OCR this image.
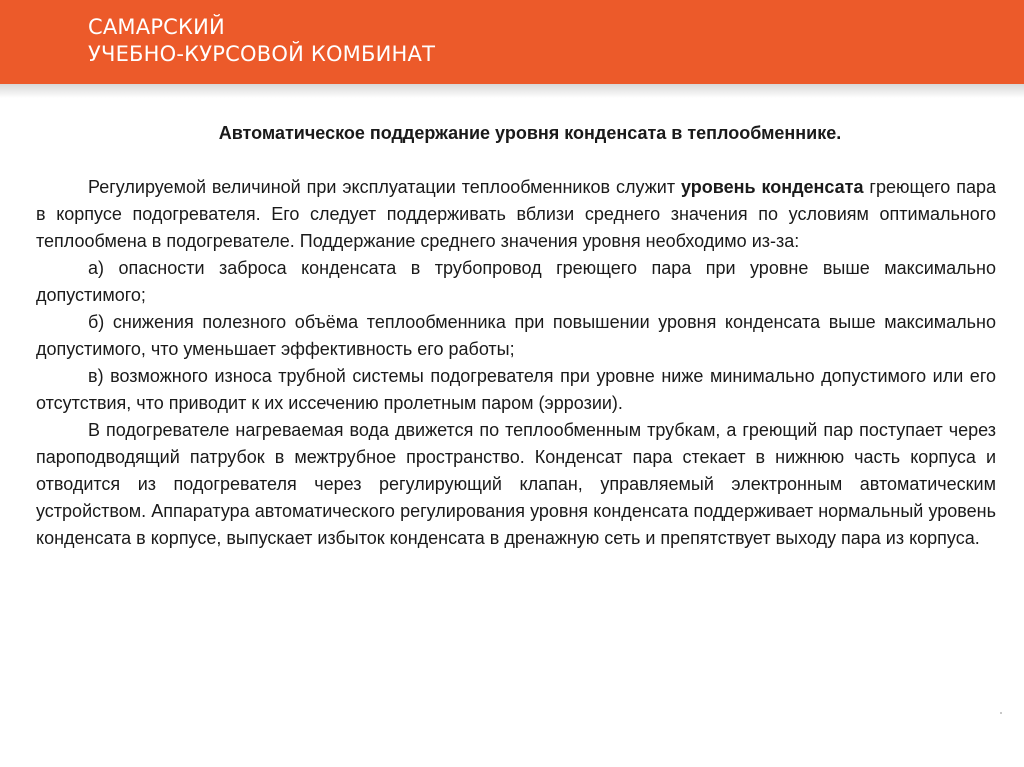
САМАРСКИЙ
УЧЕБНО-КУРСОВОЙ КОМБИНАТ
Автоматическое поддержание уровня конденсата в теплообменнике.

Регулируемой величиной при эксплуатации теплообменников служит уровень конденсата греющего пара в корпусе подогревателя. Его следует поддерживать вблизи среднего значения по условиям оптимального теплообмена в подогревателе. Поддержание среднего значения уровня необходимо из-за:

а) опасности заброса конденсата в трубопровод греющего пара при уровне выше максимально допустимого;

б) снижения полезного объёма теплообменника при повышении уровня конденсата выше максимально допустимого, что уменьшает эффективность его работы;

в) возможного износа трубной системы подогревателя при уровне ниже минимально допустимого или его отсутствия, что приводит к их иссечению пролетным паром (эррозии).

В подогревателе нагреваемая вода движется по теплообменным трубкам, а греющий пар поступает через пароподводящий патрубок в межтрубное пространство. Конденсат пара стекает в нижнюю часть корпуса и отводится из подогревателя через регулирующий клапан, управляемый электронным автоматическим устройством. Аппаратура автоматического регулирования уровня конденсата поддерживает нормальный уровень конденсата в корпусе, выпускает избыток конденсата в дренажную сеть и препятствует выходу пара из корпуса.
